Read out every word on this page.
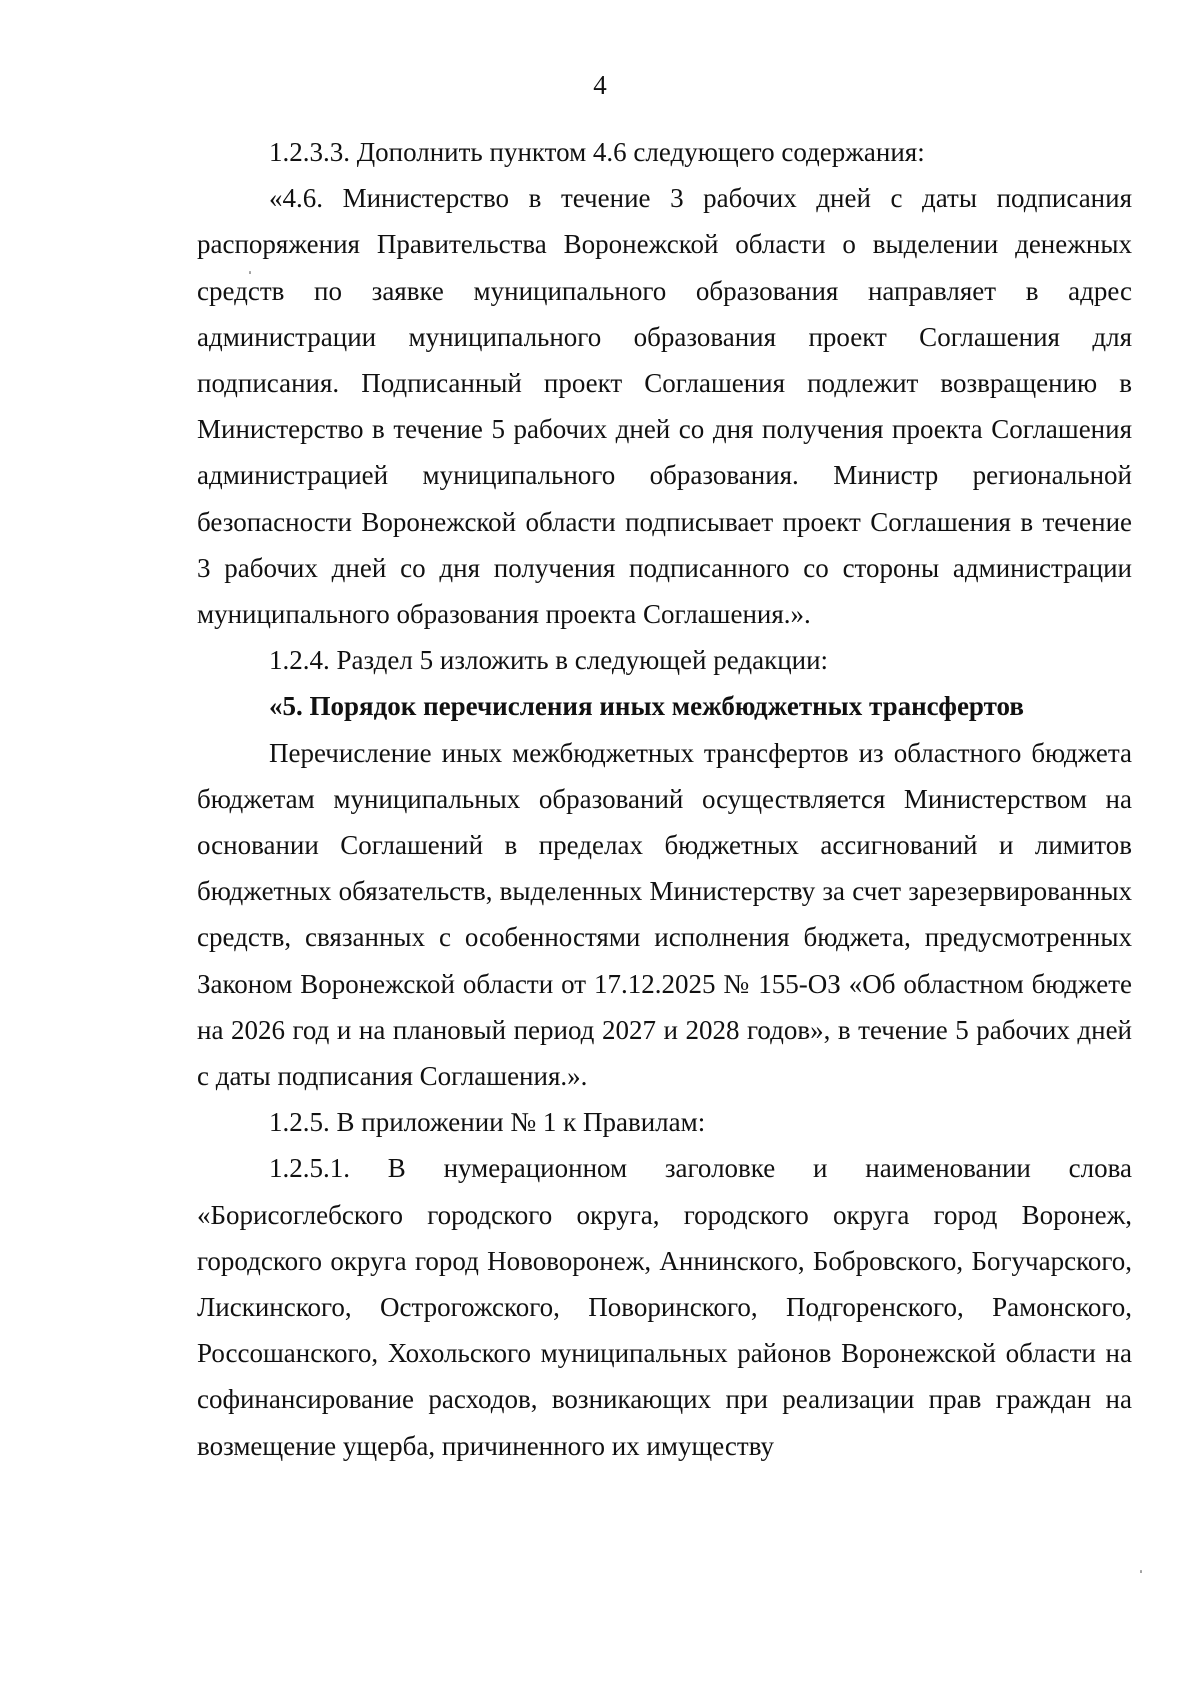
4

1.2.3.3. Дополнить пунктом 4.6 следующего содержания:

«4.6. Министерство в течение 3 рабочих дней с даты подписания распоряжения Правительства Воронежской области о выделении денежных средств по заявке муниципального образования направляет в адрес администрации муниципального образования проект Соглашения для подписания. Подписанный проект Соглашения подлежит возвращению в Министерство в течение 5 рабочих дней со дня получения проекта Соглашения администрацией муниципального образования. Министр региональной безопасности Воронежской области подписывает проект Соглашения в течение 3 рабочих дней со дня получения подписанного со стороны администрации муниципального образования проекта Соглашения.».

1.2.4. Раздел 5 изложить в следующей редакции:

«5. Порядок перечисления иных межбюджетных трансфертов

Перечисление иных межбюджетных трансфертов из областного бюджета бюджетам муниципальных образований осуществляется Министерством на основании Соглашений в пределах бюджетных ассигнований и лимитов бюджетных обязательств, выделенных Министерству за счет зарезервированных средств, связанных с особенностями исполнения бюджета, предусмотренных Законом Воронежской области от 17.12.2025 № 155-ОЗ «Об областном бюджете на 2026 год и на плановый период 2027 и 2028 годов», в течение 5 рабочих дней с даты подписания Соглашения.».

1.2.5. В приложении № 1 к Правилам:

1.2.5.1. В нумерационном заголовке и наименовании слова «Борисоглебского городского округа, городского округа город Воронеж, городского округа город Нововоронеж, Аннинского, Бобровского, Богучарского, Лискинского, Острогожского, Поворинского, Подгоренского, Рамонского, Россошанского, Хохольского муниципальных районов Воронежской области на софинансирование расходов, возникающих при реализации прав граждан на возмещение ущерба, причиненного их имуществу

ˌ
ˌ
